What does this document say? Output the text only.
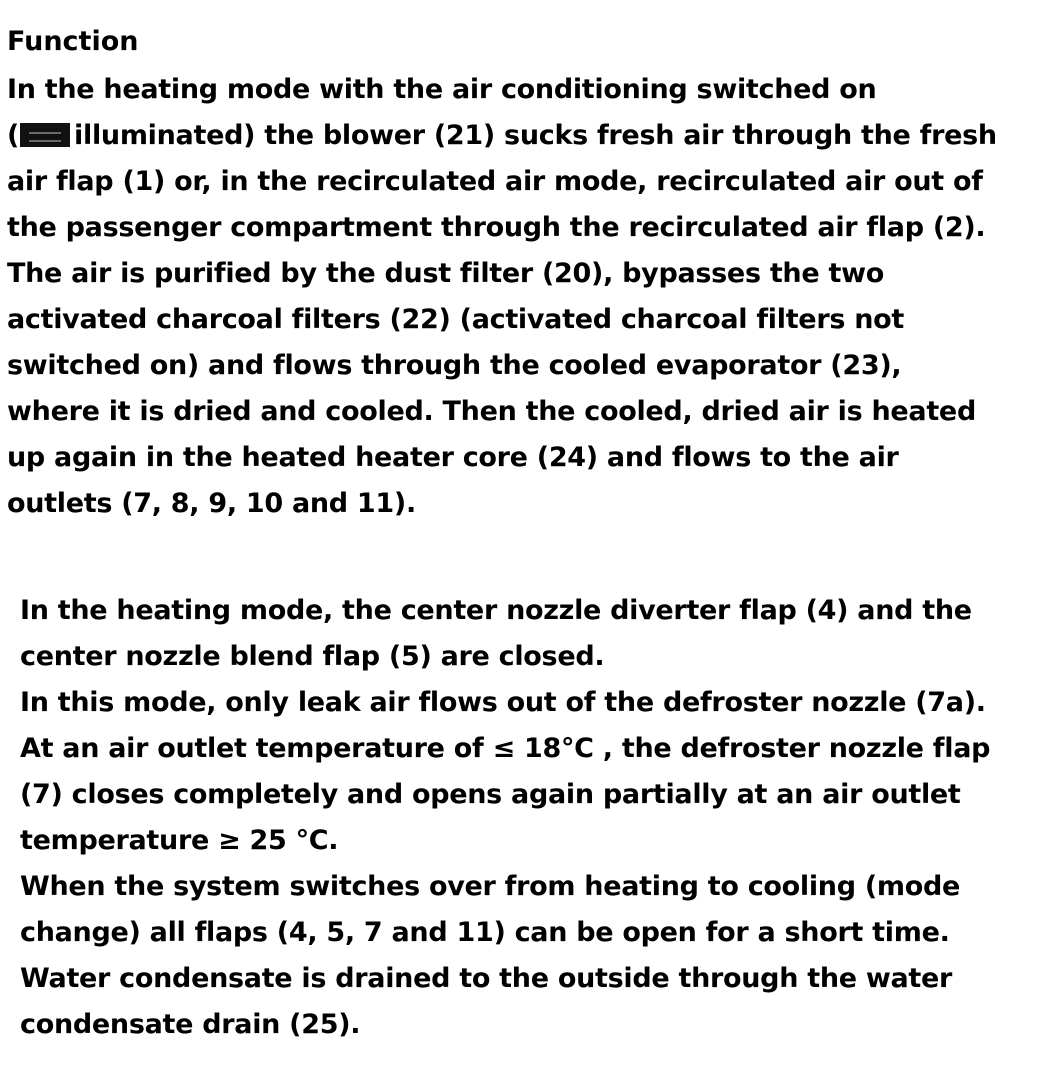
Function
In the heating mode with the air conditioning switched on
( illuminated) the blower (21) sucks fresh air through the fresh
air flap (1) or, in the recirculated air mode, recirculated air out of
the passenger compartment through the recirculated air flap (2).
The air is purified by the dust filter (20), bypasses the two
activated charcoal filters (22) (activated charcoal filters not
switched on) and flows through the cooled evaporator (23),
where it is dried and cooled. Then the cooled, dried air is heated
up again in the heated heater core (24) and flows to the air
outlets (7, 8, 9, 10 and 11).
In the heating mode, the center nozzle diverter flap (4) and the
center nozzle blend flap (5) are closed.
In this mode, only leak air flows out of the defroster nozzle (7a).
At an air outlet temperature of ≤ 18°C , the defroster nozzle flap
(7) closes completely and opens again partially at an air outlet
temperature ≥ 25 °C.
When the system switches over from heating to cooling (mode
change) all flaps (4, 5, 7 and 11) can be open for a short time.
Water condensate is drained to the outside through the water
condensate drain (25).
